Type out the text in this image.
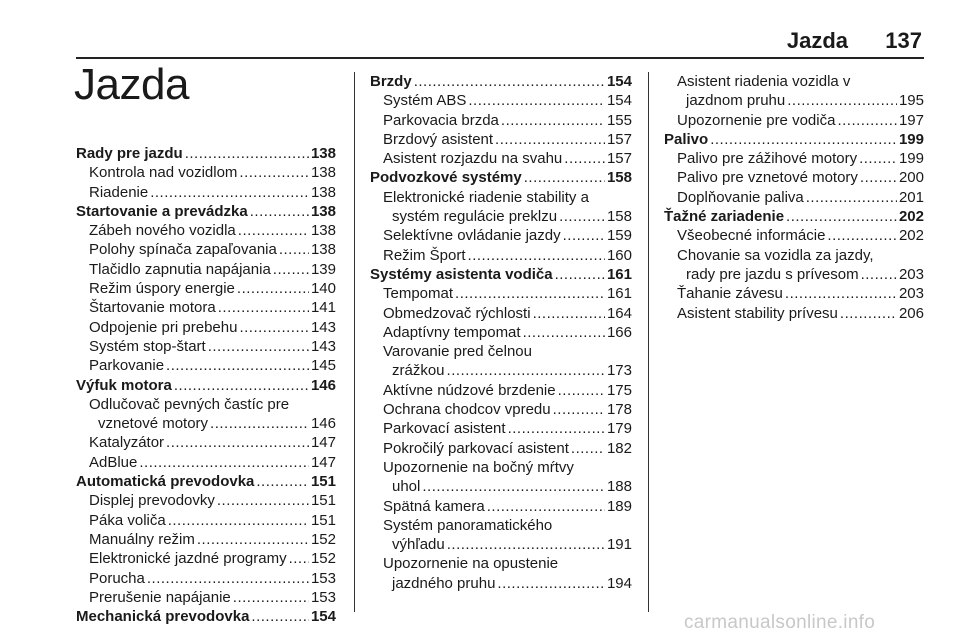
Jazda	137
Jazda
Rady pre jazdu .....	138
Kontrola nad vozidlom .....	138
Riadenie .....	138
Startovanie a prevádzka .....	138
Zábeh nového vozidla .....	138
Polohy spínača zapaľovania ..... 138
Tlačidlo zapnutia napájania .....	139
Režim úspory energie .....	140
Štartovanie motora .....	141
Odpojenie pri prebehu .....	143
Systém stop-štart .....	143
Parkovanie .....	145
Výfuk motora .....	146
Odlučovač pevných častíc pre
vznetové motory .....	146
Katalyzátor .....	147
AdBlue .....	147
Automatická prevodovka .....	151
Displej prevodovky .....	151
Páka voliča .....	151
Manuálny režim .....	152
Elektronické jazdné programy ..... 152
Porucha .....	153
Prerušenie napájanie .....	153
Mechanická prevodovka .....	154
Brzdy .....	154
Systém ABS .....	154
Parkovacia brzda .....	155
Brzdový asistent .....	157
Asistent rozjazdu na svahu .....	157
Podvozkové systémy .....	158
Elektronické riadenie stability a
systém regulácie preklzu .....	158
Selektívne ovládanie jazdy .....	159
Režim Šport .....	160
Systémy asistenta vodiča .....	161
Tempomat .....	161
Obmedzovač rýchlosti .....	164
Adaptívny tempomat .....	166
Varovanie pred čelnou
zrážkou .....	173
Aktívne núdzové brzdenie .....	175
Ochrana chodcov vpredu .....	178
Parkovací asistent .....	179
Pokročilý parkovací asistent .....	182
Upozornenie na bočný mŕtvy
uhol .....	188
Spätná kamera .....	189
Systém panoramatického
výhľadu .....	191
Upozornenie na opustenie
jazdného pruhu .....	194
Asistent riadenia vozidla v
jazdnom pruhu .....	195
Upozornenie pre vodiča .....	197
Palivo .....	199
Palivo pre zážihové motory .....	199
Palivo pre vznetové motory .....	200
Doplňovanie paliva .....	201
Ťažné zariadenie .....	202
Všeobecné informácie .....	202
Chovanie sa vozidla za jazdy,
rady pre jazdu s prívesom .....	203
Ťahanie závesu .....	203
Asistent stability prívesu .....	206
carmanualsonline.info
